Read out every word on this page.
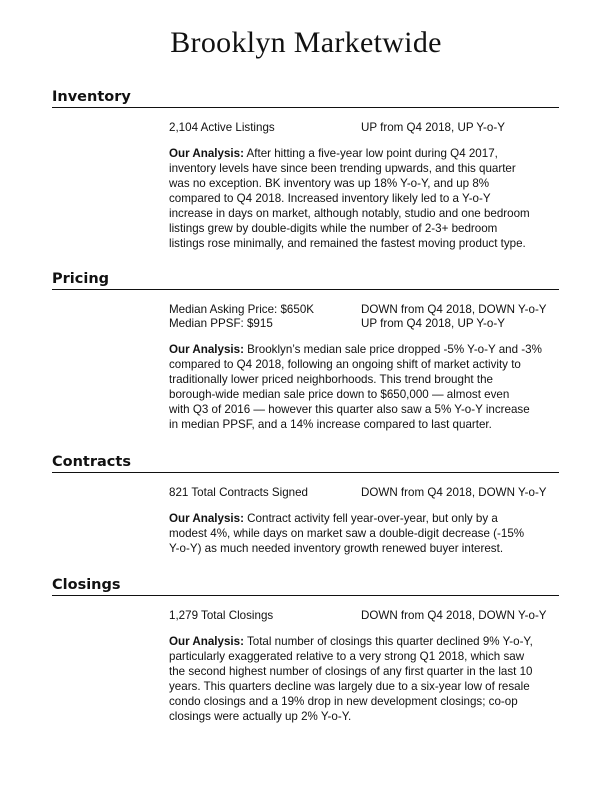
Brooklyn Marketwide
Inventory
2,104 Active Listings	UP from Q4 2018, UP Y-o-Y
Our Analysis: After hitting a five-year low point during Q4 2017,
inventory levels have since been trending upwards, and this quarter
was no exception. BK inventory was up 18% Y-o-Y, and up 8%
compared to Q4 2018. Increased inventory likely led to a Y-o-Y
increase in days on market, although notably, studio and one bedroom
listings grew by double-digits while the number of 2-3+ bedroom
listings rose minimally, and remained the fastest moving product type.
Pricing
Median Asking Price: $650K	DOWN from Q4 2018, DOWN Y-o-Y
Median PPSF: $915	UP from Q4 2018, UP Y-o-Y
Our Analysis: Brooklyn’s median sale price dropped -5% Y-o-Y and -3%
compared to Q4 2018, following an ongoing shift of market activity to
traditionally lower priced neighborhoods. This trend brought the
borough-wide median sale price down to $650,000 — almost even
with Q3 of 2016 — however this quarter also saw a 5% Y-o-Y increase
in median PPSF, and a 14% increase compared to last quarter.
Contracts
821 Total Contracts Signed	DOWN from Q4 2018, DOWN Y-o-Y
Our Analysis: Contract activity fell year-over-year, but only by a
modest 4%, while days on market saw a double-digit decrease (-15%
Y-o-Y) as much needed inventory growth renewed buyer interest.
Closings
1,279 Total Closings	DOWN from Q4 2018, DOWN Y-o-Y
Our Analysis: Total number of closings this quarter declined 9% Y-o-Y,
particularly exaggerated relative to a very strong Q1 2018, which saw
the second highest number of closings of any first quarter in the last 10
years. This quarters decline was largely due to a six-year low of resale
condo closings and a 19% drop in new development closings; co-op
closings were actually up 2% Y-o-Y.
